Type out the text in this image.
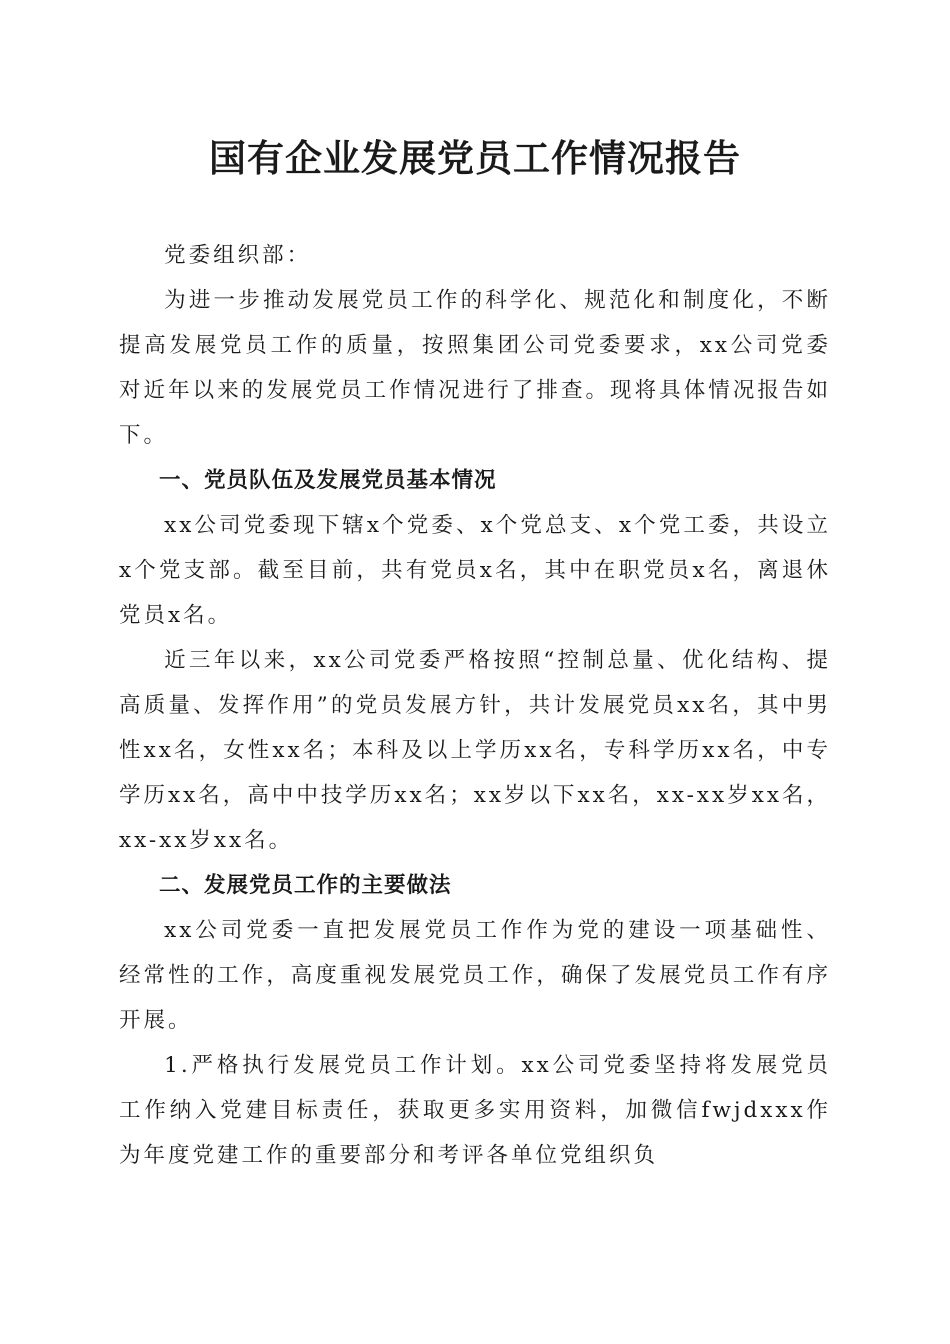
国有企业发展党员工作情况报告

党委组织部：

为进一步推动发展党员工作的科学化、规范化和制度化，不断提高发展党员工作的质量，按照集团公司党委要求，xx公司党委对近年以来的发展党员工作情况进行了排查。现将具体情况报告如下。

一、党员队伍及发展党员基本情况

xx公司党委现下辖x个党委、x个党总支、x个党工委，共设立x个党支部。截至目前，共有党员x名，其中在职党员x名，离退休党员x名。

近三年以来，xx公司党委严格按照“控制总量、优化结构、提高质量、发挥作用”的党员发展方针，共计发展党员xx名，其中男性xx名，女性xx名；本科及以上学历xx名，专科学历xx名，中专学历xx名，高中中技学历xx名；xx岁以下xx名，xx-xx岁xx名，xx-xx岁xx名。

二、发展党员工作的主要做法

xx公司党委一直把发展党员工作作为党的建设一项基础性、经常性的工作，高度重视发展党员工作，确保了发展党员工作有序开展。

1.严格执行发展党员工作计划。xx公司党委坚持将发展党员工作纳入党建目标责任，获取更多实用资料，加微信fwjdxxx作为年度党建工作的重要部分和考评各单位党组织负
